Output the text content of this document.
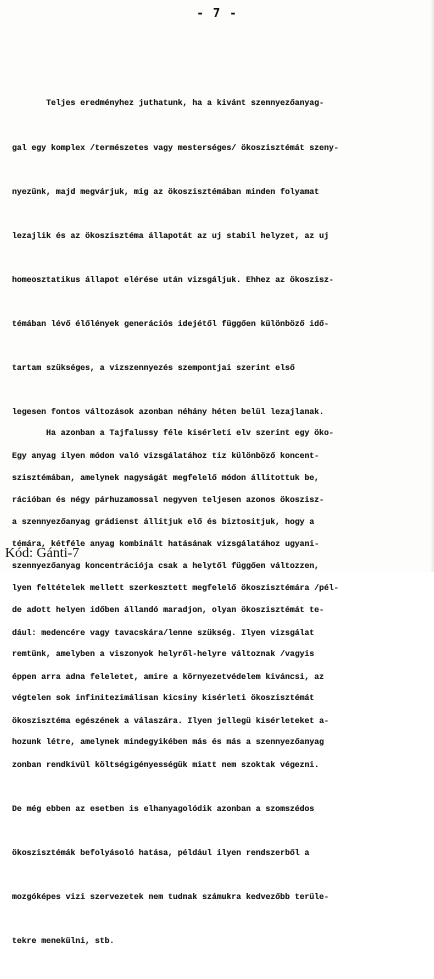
- 7 -

Teljes eredményhez juthatunk, ha a kivánt szennyezőanyag-

gal egy komplex /természetes vagy mesterséges/ ökoszisztémát szeny-

nyezünk, majd megvárjuk, mig az ökoszisztémában minden folyamat

lezajlik és az ökoszisztéma állapotát az uj stabil helyzet, az uj

homeosztatikus állapot elérése után vizsgáljuk. Ehhez az ökoszisz-

témában lévő élőlények generációs idejétől függően különböző idő-

tartam szükséges, a vizszennyezés szempontjai szerint első

legesen fontos változások azonban néhány héten belül lezajlanak.

Egy anyag ilyen módon való vizsgálatához tiz különböző koncent-

rációban és négy párhuzamossal negyven teljesen azonos ökoszisz-

témára, kétféle anyag kombinált hatásának vizsgálatához ugyani-

lyen feltételek mellett szerkesztett megfelelő ökoszisztémára /pél-

dául: medencére vagy tavacskára/lenne szükség. Ilyen vizsgálat

éppen arra adna feleletet, amire a környezetvédelem kiváncsi, az

ökoszisztéma egészének a válaszára. Ilyen jellegü kisérleteket a-

zonban rendkivül költségigényességük miatt nem szoktak végezni.

De még ebben az esetben is elhanyagolódik azonban a szomszédos

ökoszisztémák befolyásoló hatása, például ilyen rendszerből a

mozgóképes vizi szervezetek nem tudnak számukra kedvezőbb terüle-

tekre menekülni, stb.

Ha azonban a Tajfalussy féle kisérleti elv szerint egy öko-

szisztémában, amelynek nagyságát megfelelő módon állitottuk be,

a szennyezőanyag grádienst állitjuk elő és biztositjuk, hogy a

szennyezőanyag koncentrációja csak a helytől függően változzen,

de adott helyen időben állandó maradjon, olyan ökoszisztémát te-

remtünk, amelyben a viszonyok helyről-helyre változnak /vagyis

végtelen sok infinitezimálisan kicsiny kisérleti ökoszisztémát

hozunk létre, amelynek mindegyikében más és más a szennyezőanyag

Kód: Gánti-7
